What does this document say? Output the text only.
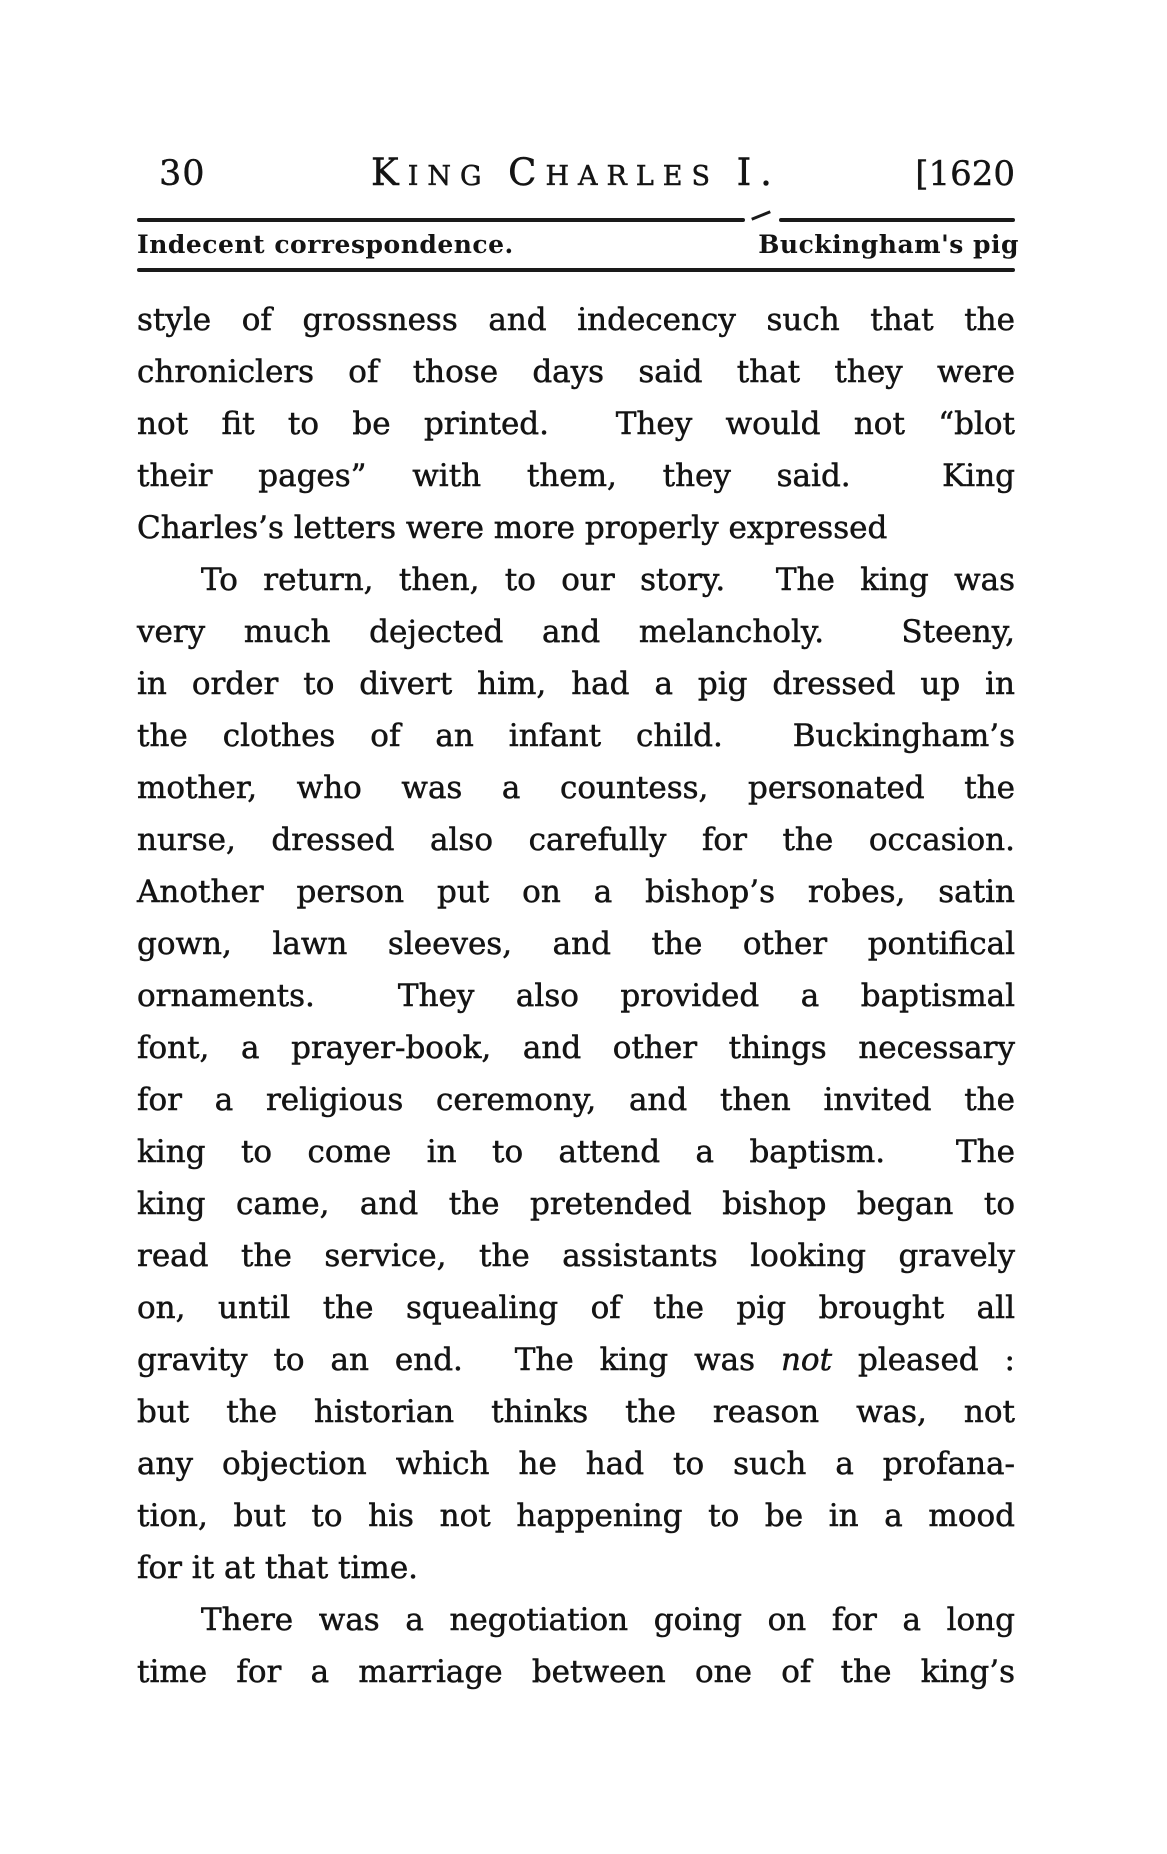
30	KING CHARLES I.	[1620
Indecent correspondence.	Buckingham's pig
style of grossness and indecency such that the
chroniclers of those days said that they were
not fit to be printed.  They would not “blot
their pages” with them, they said.  King
Charles’s letters were more properly expressed
To return, then, to our story.  The king was
very much dejected and melancholy.  Steeny,
in order to divert him, had a pig dressed up in
the clothes of an infant child.  Buckingham’s
mother, who was a countess, personated the
nurse, dressed also carefully for the occasion.
Another person put on a bishop’s robes, satin
gown, lawn sleeves, and the other pontifical
ornaments.  They also provided a baptismal
font, a prayer-book, and other things necessary
for a religious ceremony, and then invited the
king to come in to attend a baptism.  The
king came, and the pretended bishop began to
read the service, the assistants looking gravely
on, until the squealing of the pig brought all
gravity to an end.  The king was not pleased :
but the historian thinks the reason was, not
any objection which he had to such a profana-
tion, but to his not happening to be in a mood
for it at that time.
There was a negotiation going on for a long
time for a marriage between one of the king’s
